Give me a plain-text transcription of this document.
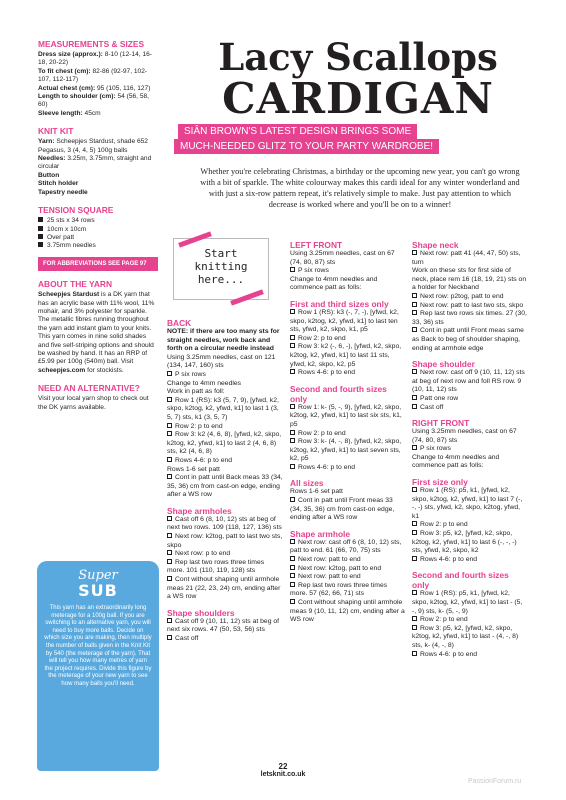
MEASUREMENTS & SIZES
Dress size (approx.): 8-10 (12-14, 16-18, 20-22)
To fit chest (cm): 82-86 (92-97, 102-107, 112-117)
Actual chest (cm): 95 (105, 116, 127)
Length to shoulder (cm): 54 (56, 58, 60)
Sleeve length: 45cm
KNIT KIT
Yarn: Scheepjes Stardust, shade 652 Pegasus, 3 (4, 4, 5) 100g balls
Needles: 3.25m, 3.75mm, straight and circular
Button
Stitch holder
Tapestry needle
TENSION SQUARE
25 sts x 34 rows
10cm x 10cm
Over patt
3.75mm needles
FOR ABBREVIATIONS SEE PAGE 97
ABOUT THE YARN
Scheepjes Stardust is a DK yarn that has an acrylic base with 11% wool, 11% mohair, and 3% polyester for sparkle. The metallic fibres running throughout the yarn add instant glam to your knits. This yarn comes in nine solid shades and five self-striping options and should be washed by hand. It has an RRP of £5.99 per 100g (540m) ball. Visit scheepjes.com for stockists.
NEED AN ALTERNATIVE?
Visit your local yarn shop to check out the DK yarns available.
Super
SUB
This yarn has an extraordinarily long meterage for a 100g ball. If you are switching to an alternative yarn, you will need to buy more balls. Decide on which size you are making, then multiply the number of balls given in the Knit Kit by 540 (the meterage of the yarn). That will tell you how many metres of yarn the project requires. Divide this figure by the meterage of your new yarn to see how many balls you'll need.
Lacy Scallops
CARDIGAN
SIÂN BROWN'S LATEST DESIGN BRINGS SOME
MUCH-NEEDED GLITZ TO YOUR PARTY WARDROBE!
Whether you're celebrating Christmas, a birthday or the upcoming new year, you can't go wrong with a bit of sparkle. The white colourway makes this cardi ideal for any winter wonderland and with just a six-row pattern repeat, it's relatively simple to make. Just pay attention to which decrease is worked where and you'll be on to a winner!
Start
knitting
here...
BACK
NOTE: if there are too many sts for straight needles, work back and forth on a circular needle instead
Using 3.25mm needles, cast on 121 (134, 147, 160) sts
P six rows
Change to 4mm needles
Work in patt as foll:
Row 1 (RS): k3 (5, 7, 9), [yfwd, k2, skpo, k2tog, k2, yfwd, k1] to last 1 (3, 5, 7) sts, k1 (3, 5, 7)
Row 2: p to end
Row 3: k2 (4, 6, 8), [yfwd, k2, skpo, k2tog, k2, yfwd, k1] to last 2 (4, 6, 8) sts, k2 (4, 6, 8)
Rows 4-6: p to end
Rows 1-6 set patt
Cont in patt until Back meas 33 (34, 35, 36) cm from cast-on edge, ending after a WS row
Shape armholes
Cast off 6 (8, 10, 12) sts at beg of next two rows. 109 (118, 127, 136) sts
Next row: k2tog, patt to last two sts, skpo
Next row: p to end
Rep last two rows three times more. 101 (110, 119, 128) sts
Cont without shaping until armhole meas 21 (22, 23, 24) cm, ending after a WS row
Shape shoulders
Cast off 9 (10, 11, 12) sts at beg of next six rows. 47 (50, 53, 56) sts
Cast off
LEFT FRONT
Using 3.25mm needles, cast on 67 (74, 80, 87) sts
P six rows
Change to 4mm needles and commence patt as folls:
First and third sizes only
Row 1 (RS): k3 (-, 7, -), [yfwd, k2, skpo, k2tog, k2, yfwd, k1] to last ten sts, yfwd, k2, skpo, k1, p5
Row 2: p to end
Row 3: k2 (-, 6, -), [yfwd, k2, skpo, k2tog, k2, yfwd, k1] to last 11 sts, yfwd, k2, skpo, k2, p5
Rows 4-6: p to end
Second and fourth sizes only
Row 1: k- (5, -, 9), [yfwd, k2, skpo, k2tog, k2, yfwd, k1] to last six sts, k1, p5
Row 2: p to end
Row 3: k- (4, -, 8), [yfwd, k2, skpo, k2tog, k2, yfwd, k1] to last seven sts, k2, p5
Rows 4-6: p to end
All sizes
Rows 1-6 set patt
Cont in patt until Front meas 33 (34, 35, 36) cm from cast-on edge, ending after a WS row
Shape armhole
Next row: cast off 6 (8, 10, 12) sts, patt to end. 61 (66, 70, 75) sts
Next row: patt to end
Next row: k2tog, patt to end
Next row: patt to end
Rep last two rows three times more. 57 (62, 66, 71) sts
Cont without shaping until armhole meas 9 (10, 11, 12) cm, ending after a WS row
Shape neck
Next row: patt 41 (44, 47, 50) sts, turn
Work on these sts for first side of neck, place rem 16 (18, 19, 21) sts on a holder for Neckband
Next row: p2tog, patt to end
Next row: patt to last two sts, skpo
Rep last two rows six times. 27 (30, 33, 36) sts
Cont in patt until Front meas same as Back to beg of shoulder shaping, ending at armhole edge
Shape shoulder
Next row: cast off 9 (10, 11, 12) sts at beg of next row and foll RS row. 9 (10, 11, 12) sts
Patt one row
Cast off
RIGHT FRONT
Using 3.25mm needles, cast on 67 (74, 80, 87) sts
P six rows
Change to 4mm needles and commence patt as folls:
First size only
Row 1 (RS): p5, k1, [yfwd, k2, skpo, k2tog, k2, yfwd, k1] to last 7 (-, -, -) sts, yfwd, k2, skpo, k2tog, yfwd, k1
Row 2: p to end
Row 3: p5, k2, [yfwd, k2, skpo, k2tog, k2, yfwd, k1] to last 6 (-, -, -) sts, yfwd, k2, skpo, k2
Rows 4-6: p to end
Second and fourth sizes only
Row 1 (RS): p5, k1, [yfwd, k2, skpo, k2tog, k2, yfwd, k1] to last - (5, -, 9) sts, k- (5, -, 9)
Row 2: p to end
Row 3: p5, k2, [yfwd, k2, skpo, k2tog, k2, yfwd, k1] to last - (4, -, 8) sts, k- (4, -, 8)
Rows 4-6: p to end
22
letsknit.co.uk
PassionForum.ru
